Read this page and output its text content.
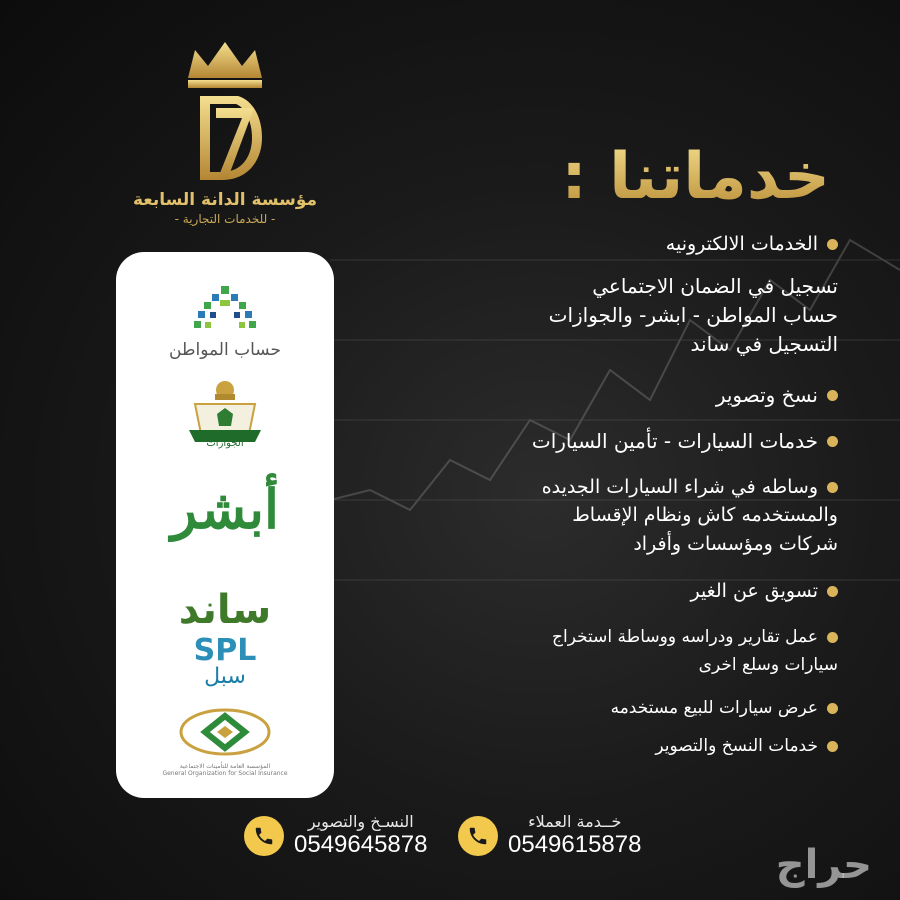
مؤسسة الدانة السابعة
- للخدمات التجارية -
حساب المواطن
الجوازات
أبشر
ساند
SPL
سبل
المؤسسة العامة للتأمينات الاجتماعية
General Organization for Social Insurance
خدماتنا :
الخدمات الالكترونيه
تسجيل في الضمان الاجتماعي
حساب المواطن - ابشر- والجوازات
التسجيل في ساند
نسخ وتصوير
خدمات السيارات - تأمين السيارات
وساطه في شراء السيارات الجديده
والمستخدمه كاش ونظام الإقساط
شركات ومؤسسات وأفراد
تسويق عن الغير
عمل تقارير ودراسه ووساطة استخراج
سيارات وسلع اخرى
عرض سيارات للبيع مستخدمه
خدمات النسخ والتصوير
خــدمة العملاء
0549615878
النسـخ والتصوير
0549645878	حراج
